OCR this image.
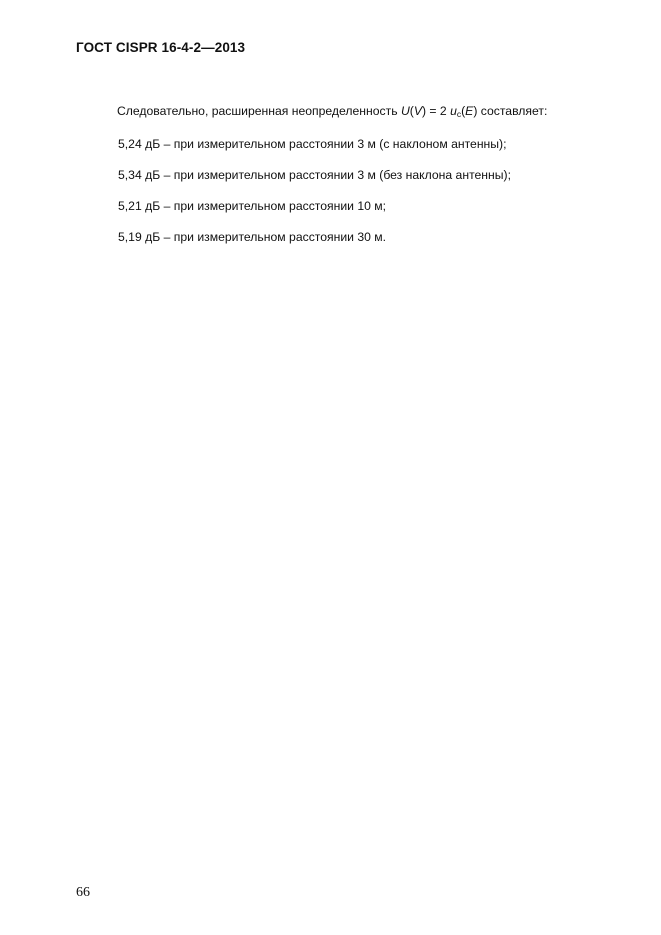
ГОСТ CISPR 16-4-2—2013
Следовательно, расширенная неопределенность U(V) = 2 $u_c(E)$ составляет:
5,24 дБ – при измерительном расстоянии 3 м (с наклоном антенны);
5,34 дБ – при измерительном расстоянии 3 м (без наклона антенны);
5,21 дБ – при измерительном расстоянии 10 м;
5,19 дБ – при измерительном расстоянии 30 м.
66
